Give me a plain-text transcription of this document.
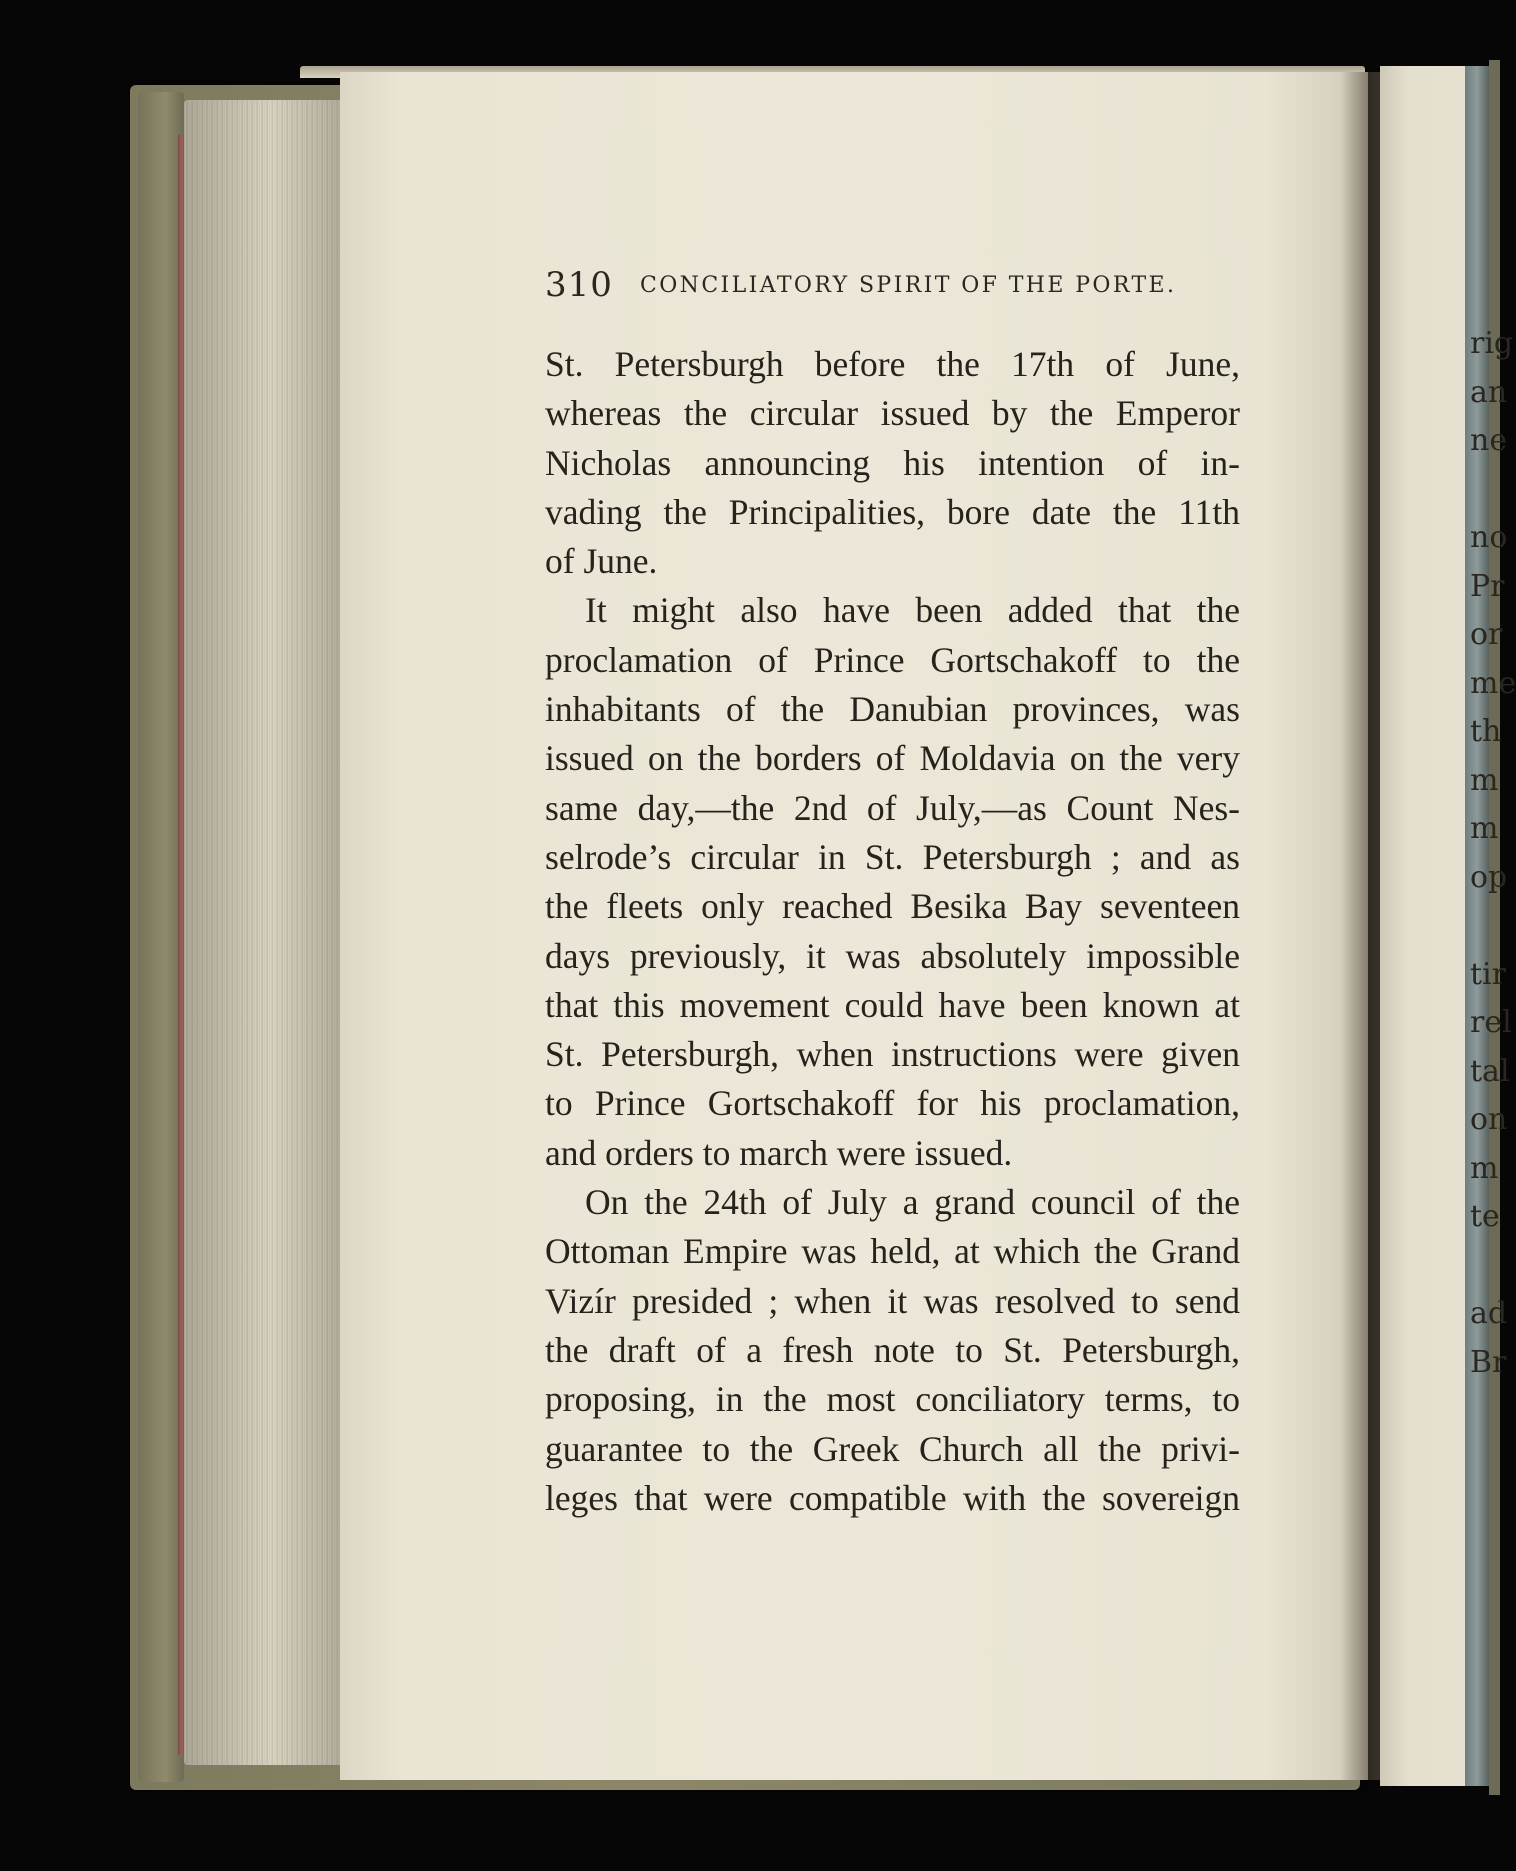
rig
an
ne
no
Pr
or
me
th
m
m
op
tir
rel
tal
on
m
te
ad
Br
310 CONCILIATORY SPIRIT OF THE PORTE.
St. Petersburgh before the 17th of June,
whereas the circular issued by the Emperor
Nicholas announcing his intention of in-
vading the Principalities, bore date the 11th
of June.
It might also have been added that the
proclamation of Prince Gortschakoff to the
inhabitants of the Danubian provinces, was
issued on the borders of Moldavia on the very
same day,—the 2nd of July,—as Count Nes-
selrode’s circular in St. Petersburgh ; and as
the fleets only reached Besika Bay seventeen
days previously, it was absolutely impossible
that this movement could have been known at
St. Petersburgh, when instructions were given
to Prince Gortschakoff for his proclamation,
and orders to march were issued.
On the 24th of July a grand council of the
Ottoman Empire was held, at which the Grand
Vizír presided ; when it was resolved to send
the draft of a fresh note to St. Petersburgh,
proposing, in the most conciliatory terms, to
guarantee to the Greek Church all the privi-
leges that were compatible with the sovereign
